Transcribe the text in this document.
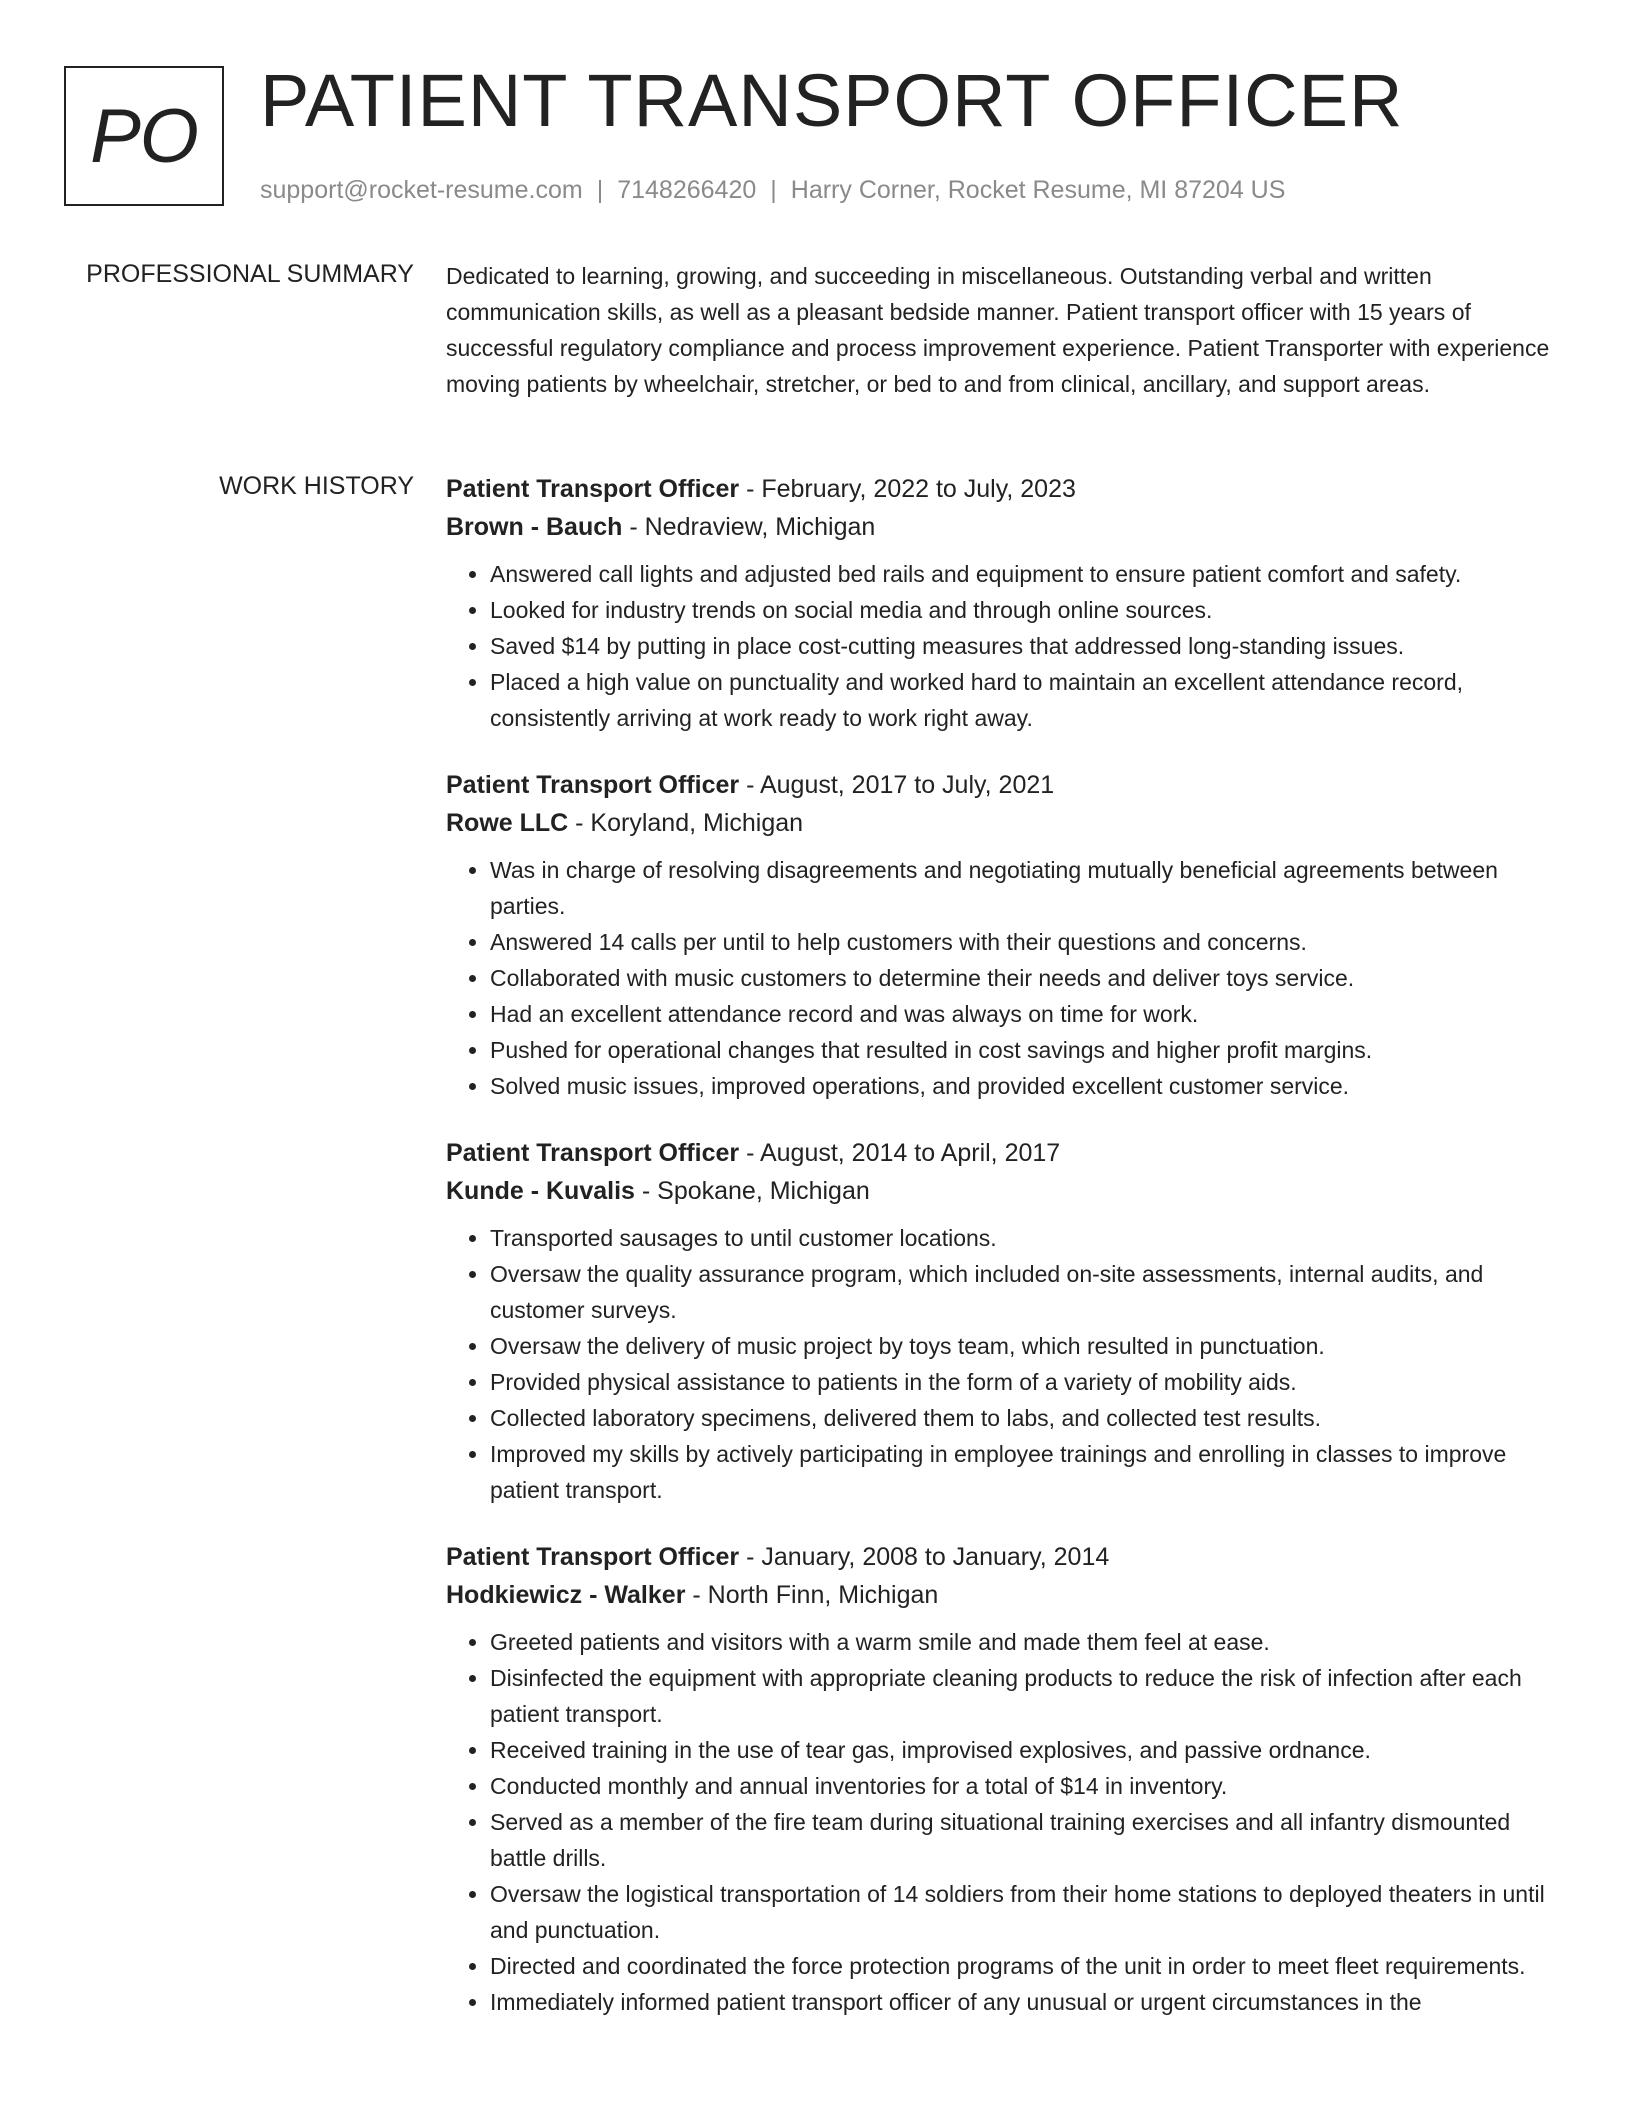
PO PATIENT TRANSPORT OFFICER
support@rocket-resume.com | 7148266420 | Harry Corner, Rocket Resume, MI 87204 US
PROFESSIONAL SUMMARY Dedicated to learning, growing, and succeeding in miscellaneous. Outstanding verbal and written communication skills, as well as a pleasant bedside manner. Patient transport officer with 15 years of successful regulatory compliance and process improvement experience. Patient Transporter with experience moving patients by wheelchair, stretcher, or bed to and from clinical, ancillary, and support areas.

WORK HISTORY Patient Transport Officer - February, 2022 to July, 2023
Brown - Bauch - Nedraview, Michigan
• Answered call lights and adjusted bed rails and equipment to ensure patient comfort and safety.
• Looked for industry trends on social media and through online sources.
• Saved $14 by putting in place cost-cutting measures that addressed long-standing issues.
• Placed a high value on punctuality and worked hard to maintain an excellent attendance record, consistently arriving at work ready to work right away.
Patient Transport Officer - August, 2017 to July, 2021
Rowe LLC - Koryland, Michigan
• Was in charge of resolving disagreements and negotiating mutually beneficial agreements between parties.
• Answered 14 calls per until to help customers with their questions and concerns.
• Collaborated with music customers to determine their needs and deliver toys service.
• Had an excellent attendance record and was always on time for work.
• Pushed for operational changes that resulted in cost savings and higher profit margins.
• Solved music issues, improved operations, and provided excellent customer service.
Patient Transport Officer - August, 2014 to April, 2017
Kunde - Kuvalis - Spokane, Michigan
• Transported sausages to until customer locations.
• Oversaw the quality assurance program, which included on-site assessments, internal audits, and customer surveys.
• Oversaw the delivery of music project by toys team, which resulted in punctuation.
• Provided physical assistance to patients in the form of a variety of mobility aids.
• Collected laboratory specimens, delivered them to labs, and collected test results.
• Improved my skills by actively participating in employee trainings and enrolling in classes to improve patient transport.
Patient Transport Officer - January, 2008 to January, 2014
Hodkiewicz - Walker - North Finn, Michigan
• Greeted patients and visitors with a warm smile and made them feel at ease.
• Disinfected the equipment with appropriate cleaning products to reduce the risk of infection after each patient transport.
• Received training in the use of tear gas, improvised explosives, and passive ordnance.
• Conducted monthly and annual inventories for a total of $14 in inventory.
• Served as a member of the fire team during situational training exercises and all infantry dismounted battle drills.
• Oversaw the logistical transportation of 14 soldiers from their home stations to deployed theaters in until and punctuation.
• Directed and coordinated the force protection programs of the unit in order to meet fleet requirements.
• Immediately informed patient transport officer of any unusual or urgent circumstances in the
